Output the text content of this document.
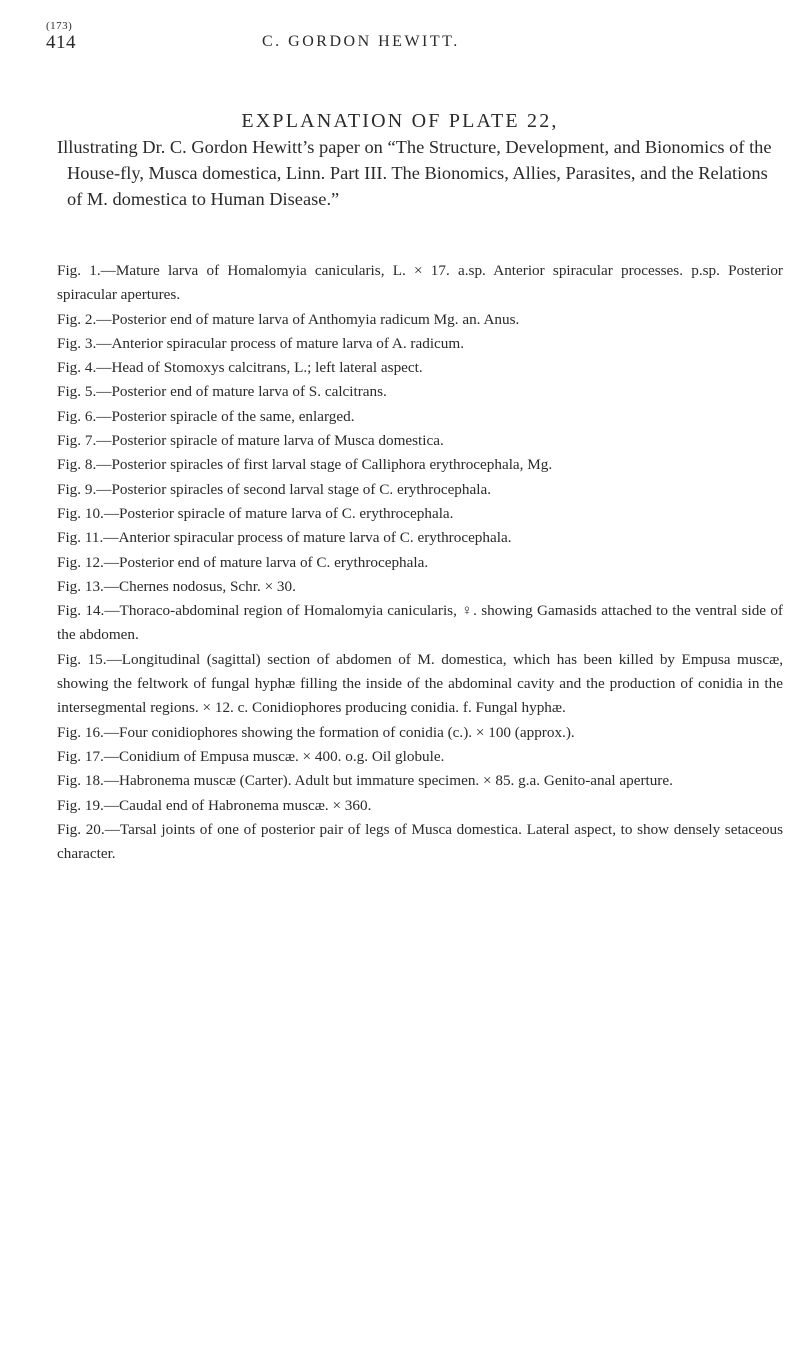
(173)
414	C. GORDON HEWITT.
EXPLANATION OF PLATE 22,
Illustrating Dr. C. Gordon Hewitt’s paper on “The Structure, Development, and Bionomics of the House-fly, Musca domestica, Linn. Part III. The Bionomics, Allies, Parasites, and the Relations of M. domestica to Human Disease.”

Fig. 1.—Mature larva of Homalomyia canicularis, L. × 17. a.sp. Anterior spiracular processes. p.sp. Posterior spiracular apertures.

Fig. 2.—Posterior end of mature larva of Anthomyia radicum Mg. an. Anus.

Fig. 3.—Anterior spiracular process of mature larva of A. radicum.

Fig. 4.—Head of Stomoxys calcitrans, L.; left lateral aspect.

Fig. 5.—Posterior end of mature larva of S. calcitrans.

Fig. 6.—Posterior spiracle of the same, enlarged.

Fig. 7.—Posterior spiracle of mature larva of Musca domestica.

Fig. 8.—Posterior spiracles of first larval stage of Calliphora erythrocephala, Mg.

Fig. 9.—Posterior spiracles of second larval stage of C. erythrocephala.

Fig. 10.—Posterior spiracle of mature larva of C. erythrocephala.

Fig. 11.—Anterior spiracular process of mature larva of C. erythrocephala.

Fig. 12.—Posterior end of mature larva of C. erythrocephala.

Fig. 13.—Chernes nodosus, Schr. × 30.

Fig. 14.—Thoraco-abdominal region of Homalomyia canicularis, ♀. showing Gamasids attached to the ventral side of the abdomen.

Fig. 15.—Longitudinal (sagittal) section of abdomen of M. domestica, which has been killed by Empusa muscæ, showing the feltwork of fungal hyphæ filling the inside of the abdominal cavity and the production of conidia in the intersegmental regions. × 12. c. Conidiophores producing conidia. f. Fungal hyphæ.

Fig. 16.—Four conidiophores showing the formation of conidia (c.). × 100 (approx.).

Fig. 17.—Conidium of Empusa muscæ. × 400. o.g. Oil globule.

Fig. 18.—Habronema muscæ (Carter). Adult but immature specimen. × 85. g.a. Genito-anal aperture.

Fig. 19.—Caudal end of Habronema muscæ. × 360.

Fig. 20.—Tarsal joints of one of posterior pair of legs of Musca domestica. Lateral aspect, to show densely setaceous character.
